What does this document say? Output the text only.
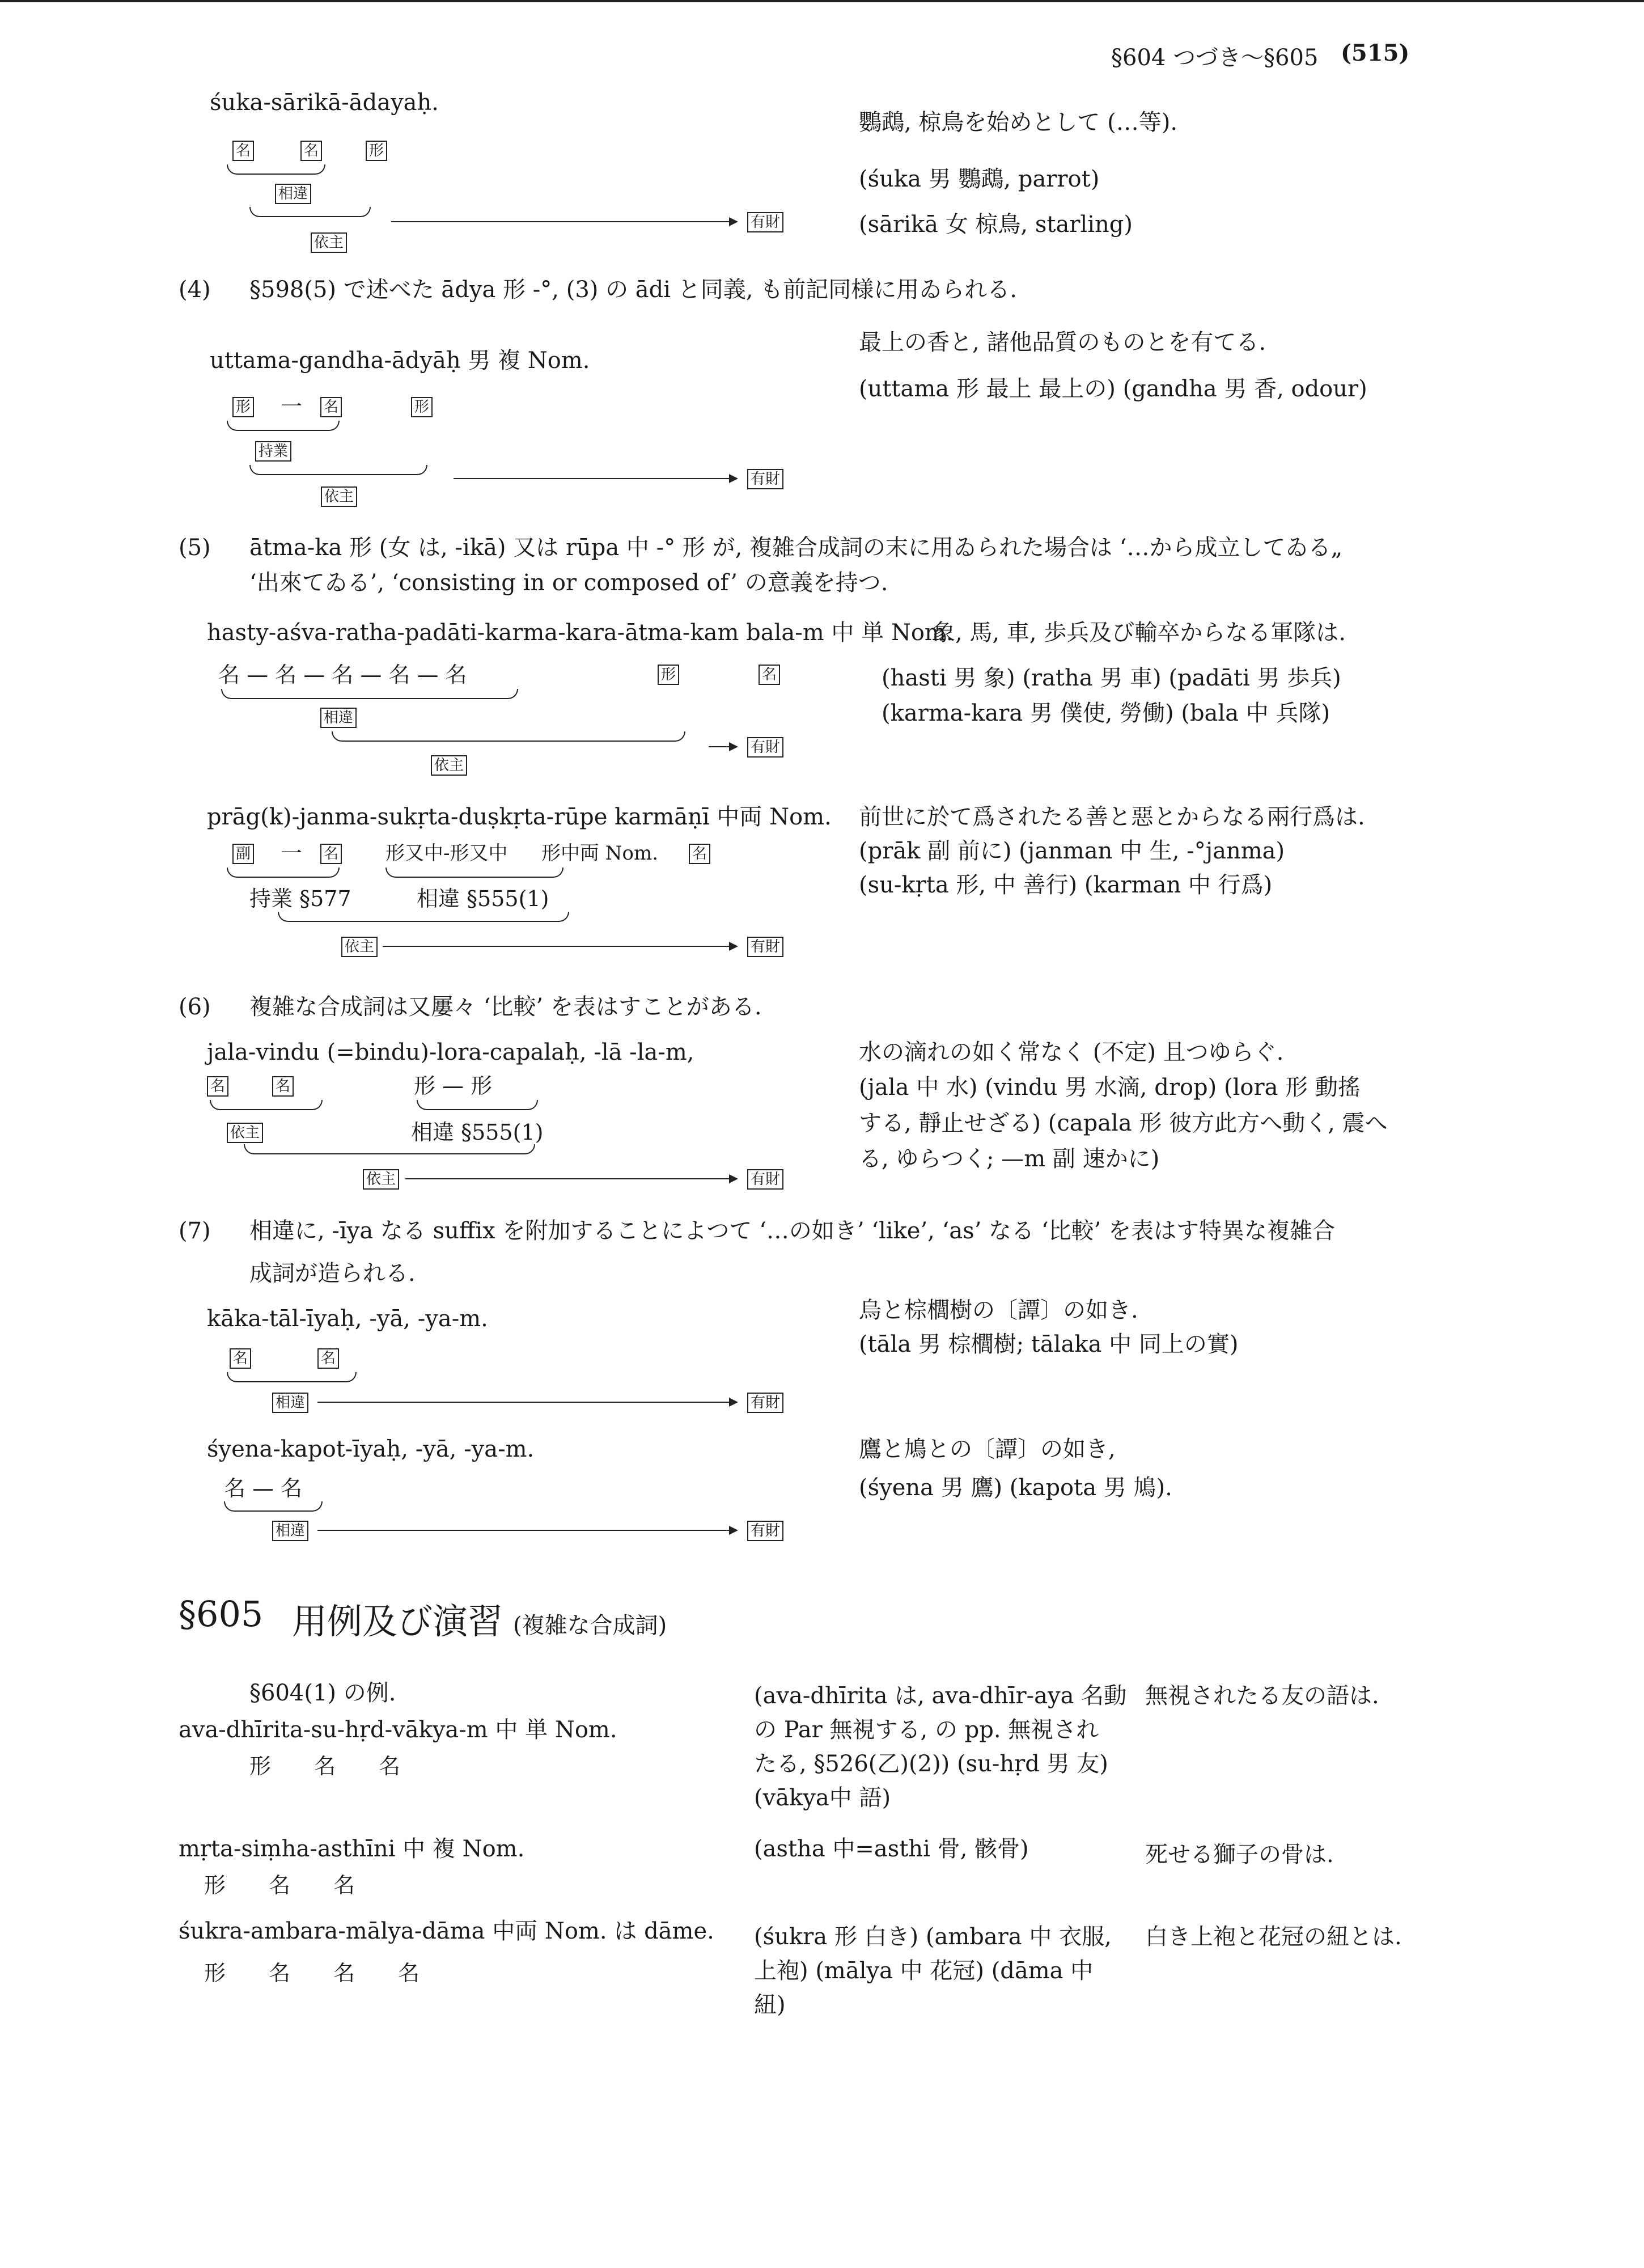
§604 つづき〜§605 (515)
śuka-sārikā-ādayaḥ.
名	名	形
相違
依主
有財
鸚鵡, 椋鳥を始めとして (…等).
(śuka 男 鸚鵡, parrot)
(sārikā 女 椋鳥, starling)
(4) §598(5) で述べた ādya 形 -°, (3) の ādi と同義, も前記同様に用ゐられる.
uttama-gandha-ādyāḥ 男 複 Nom.
形 一 名	形
持業
依主
有財
最上の香と, 諸他品質のものとを有てる.
(uttama 形 最上 最上の) (gandha 男 香, odour)
(5) ātma-ka 形 (女 は, -ikā) 又は rūpa 中 -° 形 が, 複雑合成詞の末に用ゐられた場合は ‘…から成立してゐる„
‘出來てゐる’, ‘consisting in or composed of’ の意義を持つ.
hasty-aśva-ratha-padāti-karma-kara-ātma-kam bala-m 中 単 Nom.
象, 馬, 車, 歩兵及び輸卒からなる軍隊は.
名 — 名 — 名 — 名 — 名	形	名
相違
依主
有財
(hasti 男 象) (ratha 男 車) (padāti 男 歩兵)
(karma-kara 男 僕使, 勞働) (bala 中 兵隊)
prāg(k)-janma-sukṛta-duṣkṛta-rūpe karmāṇī 中両 Nom.
副 一 名 形又中-形又中 形中両 Nom. 名
持業 §577	相違 §555(1)
依主	有財
前世に於て爲されたる善と惡とからなる兩行爲は.
(prāk 副 前に) (janman 中 生, -°janma)
(su-kṛta 形, 中 善行) (karman 中 行爲)
(6) 複雑な合成詞は又屢々 ‘比較’ を表はすことがある.
jala-vindu (=bindu)-lora-capalaḥ, -lā -la-m,
名	名	形 — 形
依主	相違 §555(1)
依主	有財
水の滴れの如く常なく (不定) 且つゆらぐ.
(jala 中 水) (vindu 男 水滴, drop) (lora 形 動搖
する, 靜止せざる) (capala 形 彼方此方へ動く, 震へ
る, ゆらつく; —m 副 速かに)
(7) 相違に, -īya なる suffix を附加することによつて ‘…の如き’ ‘like’, ‘as’ なる ‘比較’ を表はす特異な複雑合
成詞が造られる.
kāka-tāl-īyaḥ, -yā, -ya-m.
名	名
相違	有財
烏と棕櫚樹の〔譚〕の如き.
(tāla 男 棕櫚樹; tālaka 中 同上の實)
śyena-kapot-īyaḥ, -yā, -ya-m.
名 — 名
相違	有財
鷹と鳩との〔譚〕の如き,
(śyena 男 鷹) (kapota 男 鳩).
§605 用例及び演習 (複雑な合成詞)
§604(1) の例.
ava-dhīrita-su-hṛd-vākya-m 中 単 Nom.
形　　名　　名
(ava-dhīrita は, ava-dhīr-aya 名動
の Par 無視する, の pp. 無視され
たる, §526(乙)(2)) (su-hṛd 男 友)
(vākya中 語)
無視されたる友の語は.
mṛta-siṃha-asthīni 中 複 Nom.
形　　名　　名
(astha 中=asthi 骨, 骸骨)	死せる獅子の骨は.
śukra-ambara-mālya-dāma 中両 Nom. は dāme.
形　　名　　名　　名
(śukra 形 白き) (ambara 中 衣服,
上袍) (mālya 中 花冠) (dāma 中
紐)
白き上袍と花冠の紐とは.
